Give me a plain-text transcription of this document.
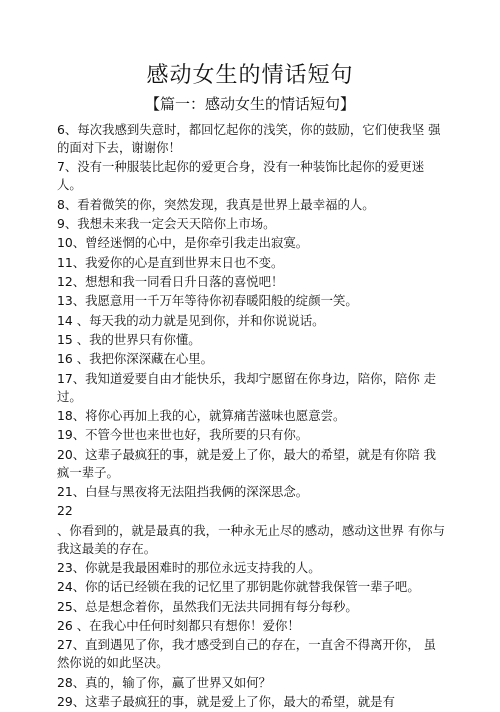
感动女生的情话短句
【篇一：感动女生的情话短句】
6、每次我感到失意时，都回忆起你的浅笑，你的鼓励，它们使我坚 强的面对下去，谢谢你！
7、没有一种服装比起你的爱更合身，没有一种装饰比起你的爱更迷 人。
8、看着微笑的你，突然发现，我真是世界上最幸福的人。
9、我想未来我一定会天天陪你上市场。
10、曾经迷惘的心中，是你牵引我走出寂寞。
11、我爱你的心是直到世界末日也不变。
12、想想和我一同看日升日落的喜悦吧！
13、我愿意用一千万年等待你初春暖阳般的绽颜一笑。
14 、每天我的动力就是见到你，并和你说说话。
15 、我的世界只有你懂。
16 、我把你深深藏在心里。
17、我知道爱要自由才能快乐，我却宁愿留在你身边，陪你，陪你 走过。
18、将你心再加上我的心，就算痛苦滋味也愿意尝。
19、不管今世也来世也好，我所要的只有你。
20、这辈子最疯狂的事，就是爱上了你，最大的希望，就是有你陪 我疯一辈子。
21、白昼与黑夜将无法阻挡我俩的深深思念。
22
、你看到的，就是最真的我，一种永无止尽的感动，感动这世界 有你与我这最美的存在。
23、你就是我最困难时的那位永远支持我的人。
24、你的话已经锁在我的记忆里了那钥匙你就替我保管一辈子吧。
25、总是想念着你，虽然我们无法共同拥有每分每秒。
26 、在我心中任何时刻都只有想你！爱你！
27、直到遇见了你，我才感受到自己的存在，一直舍不得离开你， 虽然你说的如此坚决。
28、真的，输了你，赢了世界又如何？
29、这辈子最疯狂的事，就是爱上了你，最大的希望，就是有
